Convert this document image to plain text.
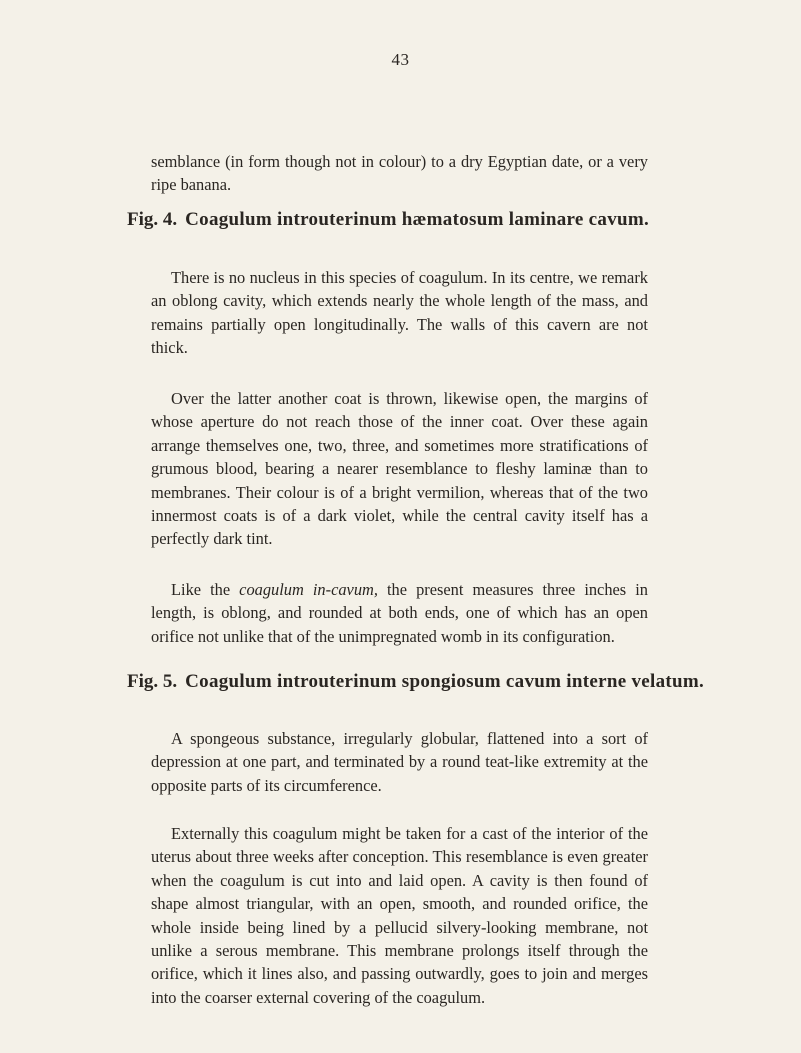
43

semblance (in form though not in colour) to a dry Egyptian date, or a very ripe banana.

Fig. 4. Coagulum introuterinum hæmatosum laminare cavum.

There is no nucleus in this species of coagulum. In its centre, we remark an oblong cavity, which extends nearly the whole length of the mass, and remains partially open longitudinally. The walls of this cavern are not thick.

Over the latter another coat is thrown, likewise open, the margins of whose aperture do not reach those of the inner coat. Over these again arrange themselves one, two, three, and sometimes more stratifications of grumous blood, bearing a nearer resemblance to fleshy laminæ than to membranes. Their colour is of a bright vermilion, whereas that of the two innermost coats is of a dark violet, while the central cavity itself has a perfectly dark tint.

Like the coagulum in-cavum, the present measures three inches in length, is oblong, and rounded at both ends, one of which has an open orifice not unlike that of the unimpregnated womb in its configuration.

Fig. 5. Coagulum introuterinum spongiosum cavum interne velatum.

A spongeous substance, irregularly globular, flattened into a sort of depression at one part, and terminated by a round teat-like extremity at the opposite parts of its circumference.

Externally this coagulum might be taken for a cast of the interior of the uterus about three weeks after conception. This resemblance is even greater when the coagulum is cut into and laid open. A cavity is then found of shape almost triangular, with an open, smooth, and rounded orifice, the whole inside being lined by a pellucid silvery-looking membrane, not unlike a serous membrane. This membrane prolongs itself through the orifice, which it lines also, and passing outwardly, goes to join and merges into the coarser external covering of the coagulum.
